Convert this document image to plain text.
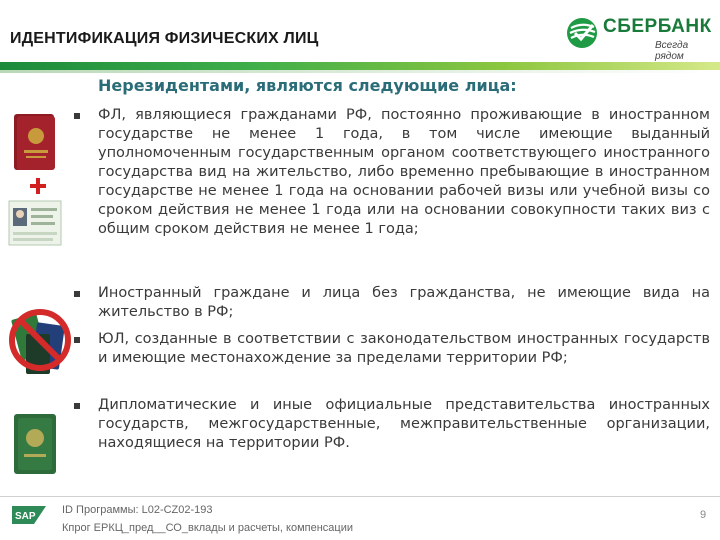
ИДЕНТИФИКАЦИЯ ФИЗИЧЕСКИХ ЛИЦ
СБЕРБАНК
Всегда рядом
Нерезидентами, являются следующие лица:
ФЛ, являющиеся гражданами РФ, постоянно проживающие в иностранном государстве не менее 1 года, в том числе имеющие выданный уполномоченным государственным органом соответствующего иностранного государства вид на жительство, либо временно пребывающие в иностранном государстве не менее 1 года на основании рабочей визы или учебной визы со сроком действия не менее 1 года или на основании совокупности таких виз с общим сроком действия не менее 1 года;
Иностранный граждане и лица без гражданства, не имеющие вида на жительство в РФ;
ЮЛ, созданные в соответствии с законодательством иностранных государств и имеющие местонахождение за пределами территории РФ;
Дипломатические и иные официальные представительства иностранных государств, межгосударственные, межправительственные организации, находящиеся на территории РФ.
SAP
ID Программы: L02-CZ02-193
Кпрог ЕРКЦ_пред__СО_вклады и расчеты, компенсации
9
